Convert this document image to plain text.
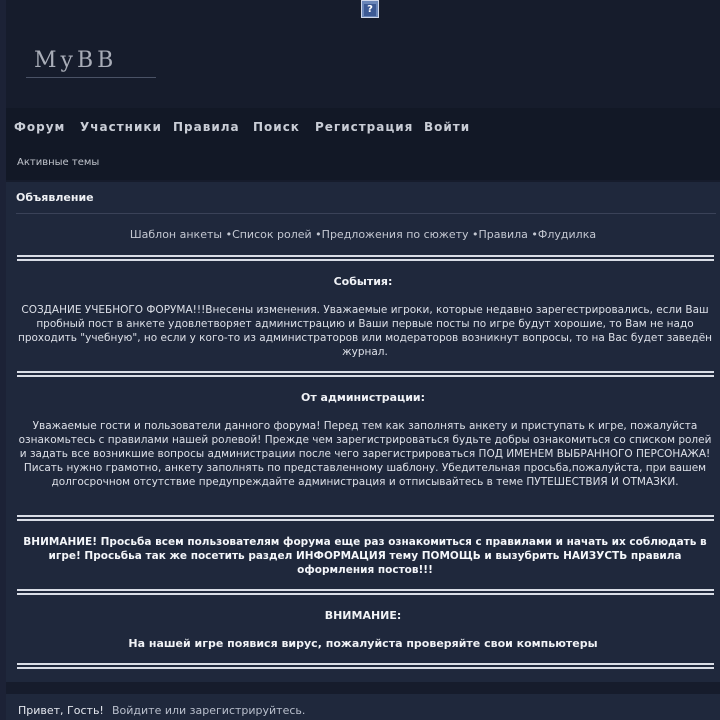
MyBB
?
Форум Участники Правила Поиск Регистрация Войти
Активные темы
Объявление
Шаблон анкеты •Список ролей •Предложения по сюжету •Правила •Флудилка
События:
СОЗДАНИЕ УЧЕБНОГО ФОРУМА!!!Внесены изменения. Уважаемые игроки, которые недавно зарегестрировались, если Ваш пробный пост в анкете удовлетворяет администрацию и Ваши первые посты по игре будут хорошие, то Вам не надо проходить "учебную", но если у кого-то из администраторов или модераторов возникнут вопросы, то на Вас будет заведён журнал.
От администрации:
Уважаемые гости и пользователи данного форума! Перед тем как заполнять анкету и приступать к игре, пожалуйста ознакомьтесь с правилами нашей ролевой! Прежде чем зарегистрироваться будьте добры ознакомиться со списком ролей и задать все возникшие вопросы администрации после чего зарегистрироваться ПОД ИМЕНЕМ ВЫБРАННОГО ПЕРСОНАЖА! Писать нужно грамотно, анкету заполнять по представленному шаблону. Убедительная просьба,пожалуйста, при вашем долгосрочном отсутствие предупреждайте администрация и отписывайтесь в теме ПУТЕШЕСТВИЯ И ОТМАЗКИ.
ВНИМАНИЕ! Просьба всем пользователям форума еще раз ознакомиться с правилами и начать их соблюдать в игре! Просьбьа так же посетить раздел ИНФОРМАЦИЯ тему ПОМОЩЬ и вызубрить НАИЗУСТЬ правила оформления постов!!!
ВНИМАНИЕ:
На нашей игре появися вирус, пожалуйста проверяйте свои компьютеры
Привет, Гость! Войдите или зарегистрируйтесь.
